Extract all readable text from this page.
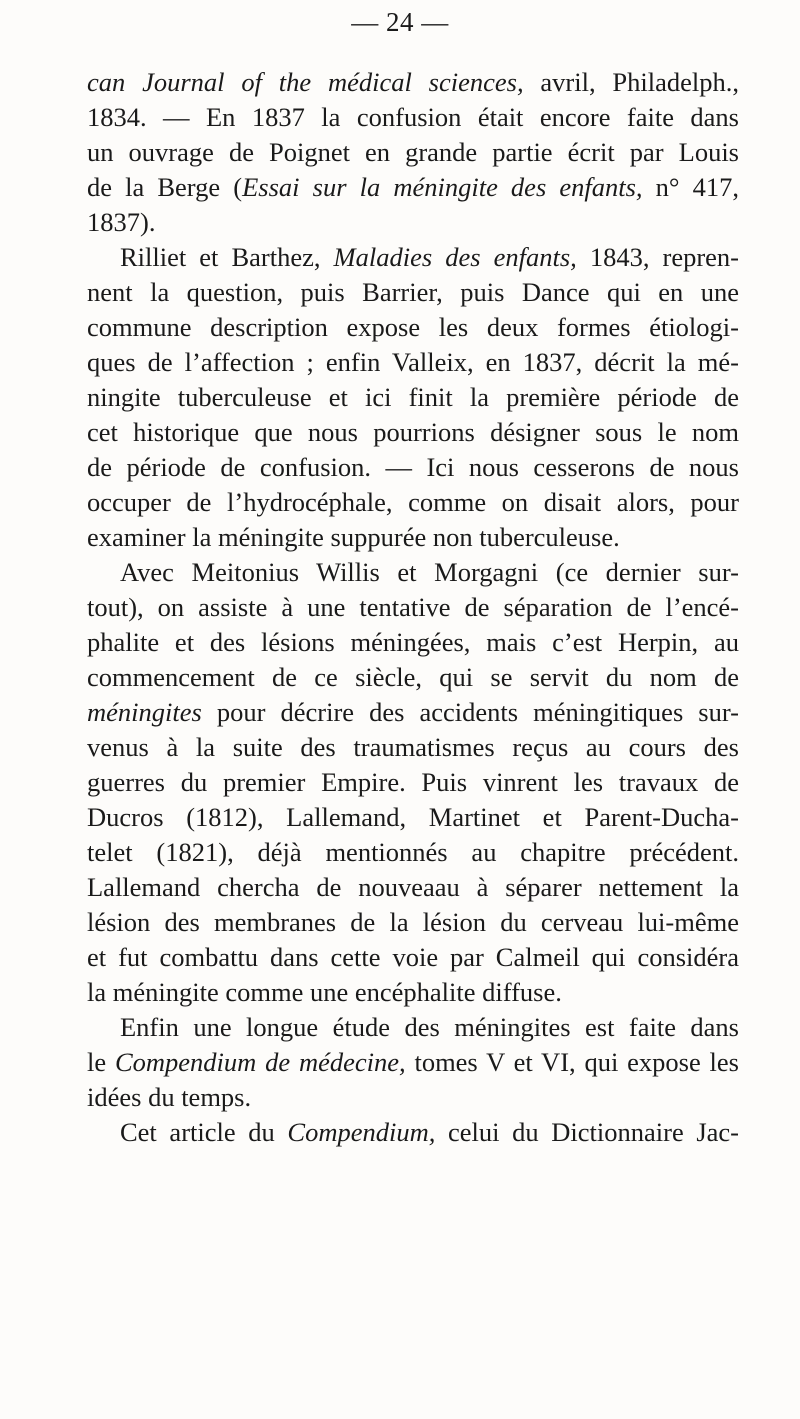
— 24 —
can Journal of the médical sciences, avril, Philadelph.,
1834. — En 1837 la confusion était encore faite dans
un ouvrage de Poignet en grande partie écrit par Louis
de la Berge (Essai sur la méningite des enfants, n° 417,
1837).
Rilliet et Barthez, Maladies des enfants, 1843, repren-
nent la question, puis Barrier, puis Dance qui en une
commune description expose les deux formes étiologi-
ques de l’affection ; enfin Valleix, en 1837, décrit la mé-
ningite tuberculeuse et ici finit la première période de
cet historique que nous pourrions désigner sous le nom
de période de confusion. — Ici nous cesserons de nous
occuper de l’hydrocéphale, comme on disait alors, pour
examiner la méningite suppurée non tuberculeuse.
Avec Meitonius Willis et Morgagni (ce dernier sur-
tout), on assiste à une tentative de séparation de l’encé-
phalite et des lésions méningées, mais c’est Herpin, au
commencement de ce siècle, qui se servit du nom de
méningites pour décrire des accidents méningitiques sur-
venus à la suite des traumatismes reçus au cours des
guerres du premier Empire. Puis vinrent les travaux de
Ducros (1812), Lallemand, Martinet et Parent-Ducha-
telet (1821), déjà mentionnés au chapitre précédent.
Lallemand chercha de nouveaau à séparer nettement la
lésion des membranes de la lésion du cerveau lui-même
et fut combattu dans cette voie par Calmeil qui considéra
la méningite comme une encéphalite diffuse.
Enfin une longue étude des méningites est faite dans
le Compendium de médecine, tomes V et VI, qui expose les
idées du temps.
Cet article du Compendium, celui du Dictionnaire Jac-
